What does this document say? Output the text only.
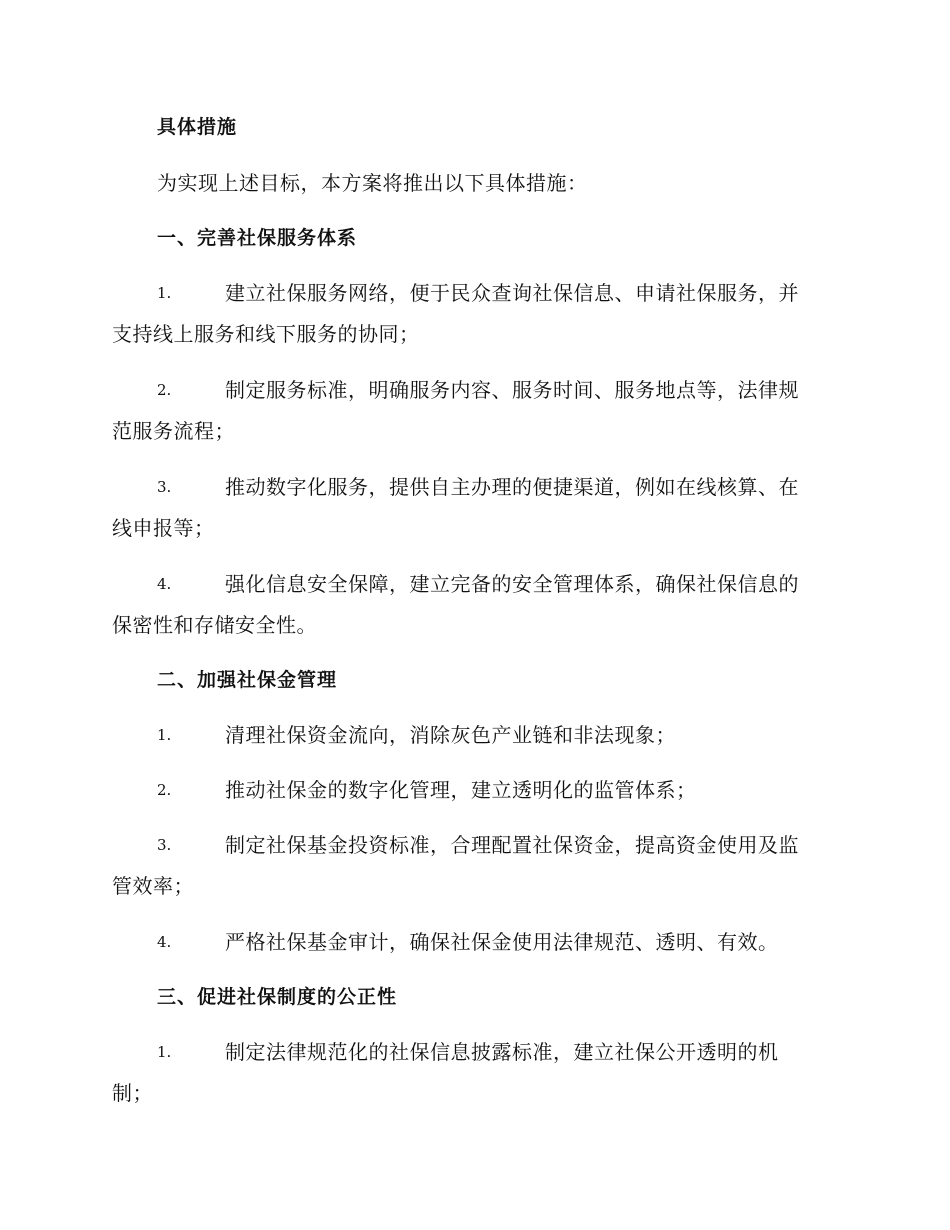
具体措施
为实现上述目标，本方案将推出以下具体措施：
一、完善社保服务体系
1.	建立社保服务网络，便于民众查询社保信息、申请社保服务，并
支持线上服务和线下服务的协同；
2.	制定服务标准，明确服务内容、服务时间、服务地点等，法律规
范服务流程；
3.	推动数字化服务，提供自主办理的便捷渠道，例如在线核算、在
线申报等；
4.	强化信息安全保障，建立完备的安全管理体系，确保社保信息的
保密性和存储安全性。
二、加强社保金管理
1.	清理社保资金流向，消除灰色产业链和非法现象；
2.	推动社保金的数字化管理，建立透明化的监管体系；
3.	制定社保基金投资标准，合理配置社保资金，提高资金使用及监
管效率；
4.	严格社保基金审计，确保社保金使用法律规范、透明、有效。
三、促进社保制度的公正性
1.	制定法律规范化的社保信息披露标准，建立社保公开透明的机
制；
